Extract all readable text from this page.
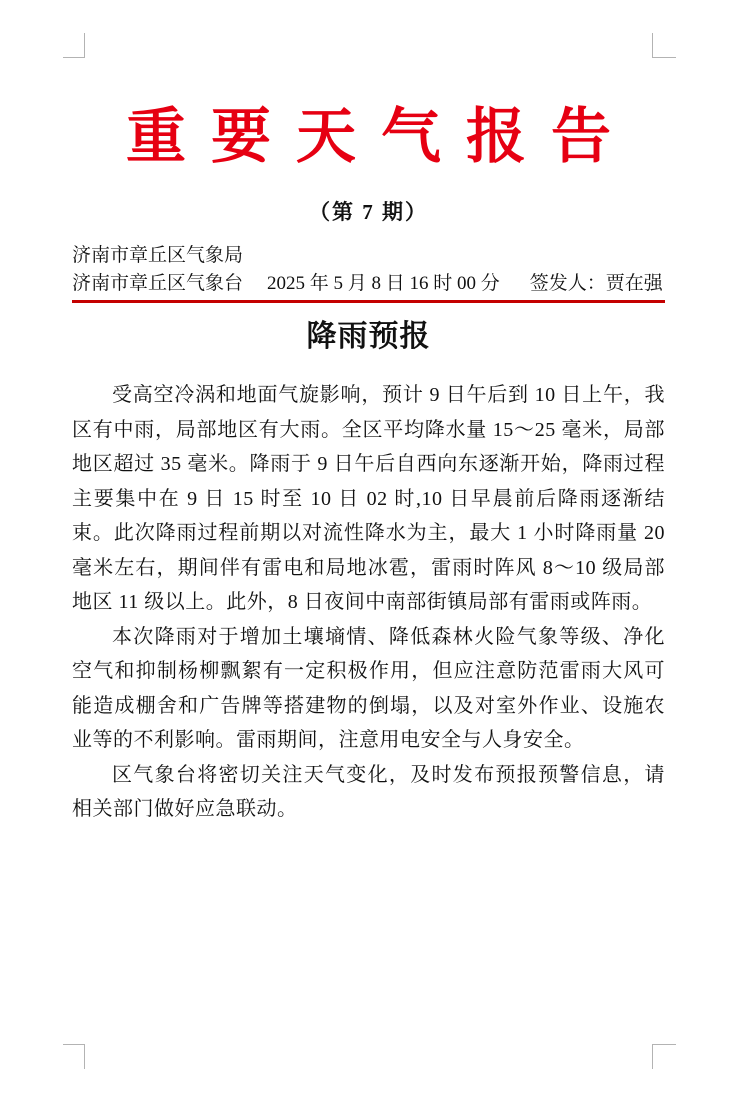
重要天气报告
（第 7 期）
济南市章丘区气象局
济南市章丘区气象台 2025 年 5 月 8 日 16 时 00 分 签发人：贾在强
降雨预报

受高空冷涡和地面气旋影响，预计 9 日午后到 10 日上午，我区有中雨，局部地区有大雨。全区平均降水量 15～25 毫米，局部地区超过 35 毫米。降雨于 9 日午后自西向东逐渐开始，降雨过程主要集中在 9 日 15 时至 10 日 02 时,10 日早晨前后降雨逐渐结束。此次降雨过程前期以对流性降水为主，最大 1 小时降雨量 20 毫米左右，期间伴有雷电和局地冰雹，雷雨时阵风 8～10 级局部地区 11 级以上。此外，8 日夜间中南部街镇局部有雷雨或阵雨。

本次降雨对于增加土壤墒情、降低森林火险气象等级、净化空气和抑制杨柳飘絮有一定积极作用，但应注意防范雷雨大风可能造成棚舍和广告牌等搭建物的倒塌，以及对室外作业、设施农业等的不利影响。雷雨期间，注意用电安全与人身安全。

区气象台将密切关注天气变化，及时发布预报预警信息，请相关部门做好应急联动。
